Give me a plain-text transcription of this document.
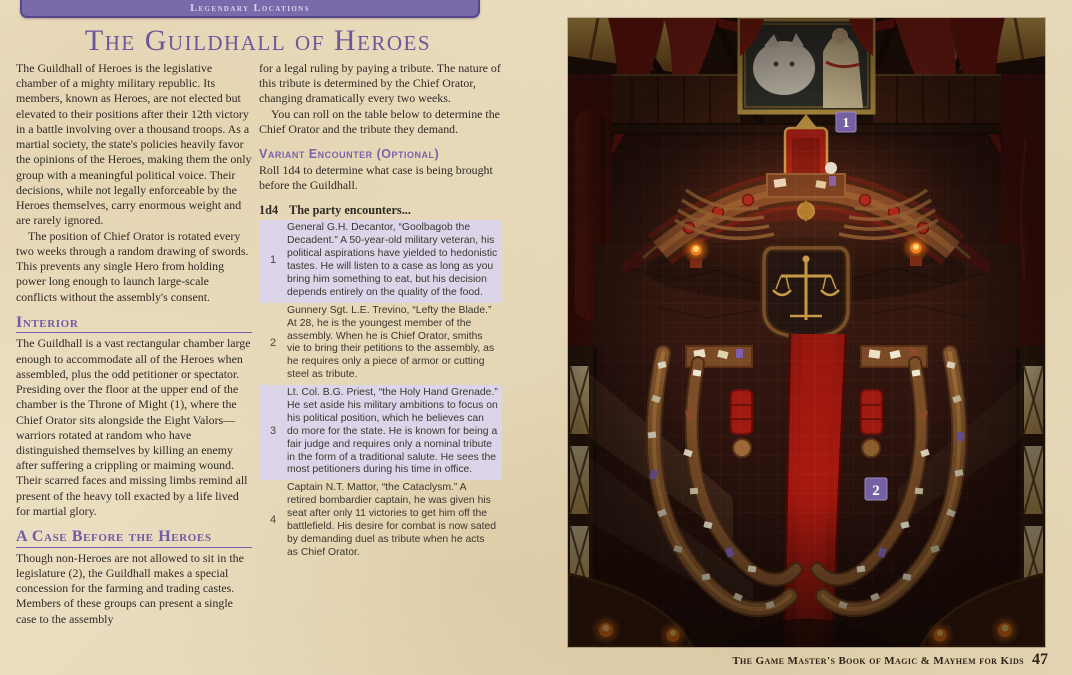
Legendary Locations
The Guildhall of Heroes

The Guildhall of Heroes is the legislative chamber of a mighty military republic. Its members, known as Heroes, are not elected but elevated to their positions after their 12th victory in a battle involving over a thousand troops. As a martial society, the state's policies heavily favor the opinions of the Heroes, making them the only group with a meaningful political voice. Their decisions, while not legally enforceable by the Heroes themselves, carry enormous weight and are rarely ignored.

The position of Chief Orator is rotated every two weeks through a random drawing of swords. This prevents any single Hero from holding power long enough to launch large-scale conflicts without the assembly's consent.

Interior

The Guildhall is a vast rectangular chamber large enough to accommodate all of the Heroes when assembled, plus the odd petitioner or spectator. Presiding over the floor at the upper end of the chamber is the Throne of Might (1), where the Chief Orator sits alongside the Eight Valors—warriors rotated at random who have distinguished themselves by killing an enemy after suffering a crippling or maiming wound. Their scarred faces and missing limbs remind all present of the heavy toll exacted by a life lived for martial glory.

A Case Before the Heroes

Though non-Heroes are not allowed to sit in the legislature (2), the Guildhall makes a special concession for the farming and trading castes. Members of these groups can present a single case to the assembly

for a legal ruling by paying a tribute. The nature of this tribute is determined by the Chief Orator, changing dramatically every two weeks.

You can roll on the table below to determine the Chief Orator and the tribute they demand.

Variant Encounter (Optional)

Roll 1d4 to determine what case is being brought before the Guildhall.

1d4 The party encounters...
1
General G.H. Decantor, “Goolbagob the Decadent.” A 50-year-old military veteran, his political aspirations have yielded to hedonistic tastes. He will listen to a case as long as you bring him something to eat, but his decision depends entirely on the quality of the food.
2
Gunnery Sgt. L.E. Trevino, “Lefty the Blade.” At 28, he is the youngest member of the assembly. When he is Chief Orator, smiths vie to bring their petitions to the assembly, as he requires only a piece of armor or cutting steel as tribute.
3
Lt. Col. B.G. Priest, “the Holy Hand Grenade.” He set aside his military ambitions to focus on his political position, which he believes can do more for the state. He is known for being a fair judge and requires only a nominal tribute in the form of a traditional salute. He sees the most petitioners during his time in office.
4
Captain N.T. Mattor, “the Cataclysm.” A retired bombardier captain, he was given his seat after only 11 victories to get him off the battlefield. His desire for combat is now sated by demanding duel as tribute when he acts as Chief Orator.
1
2
The Game Master's Book of Magic & Mayhem for Kids 47
